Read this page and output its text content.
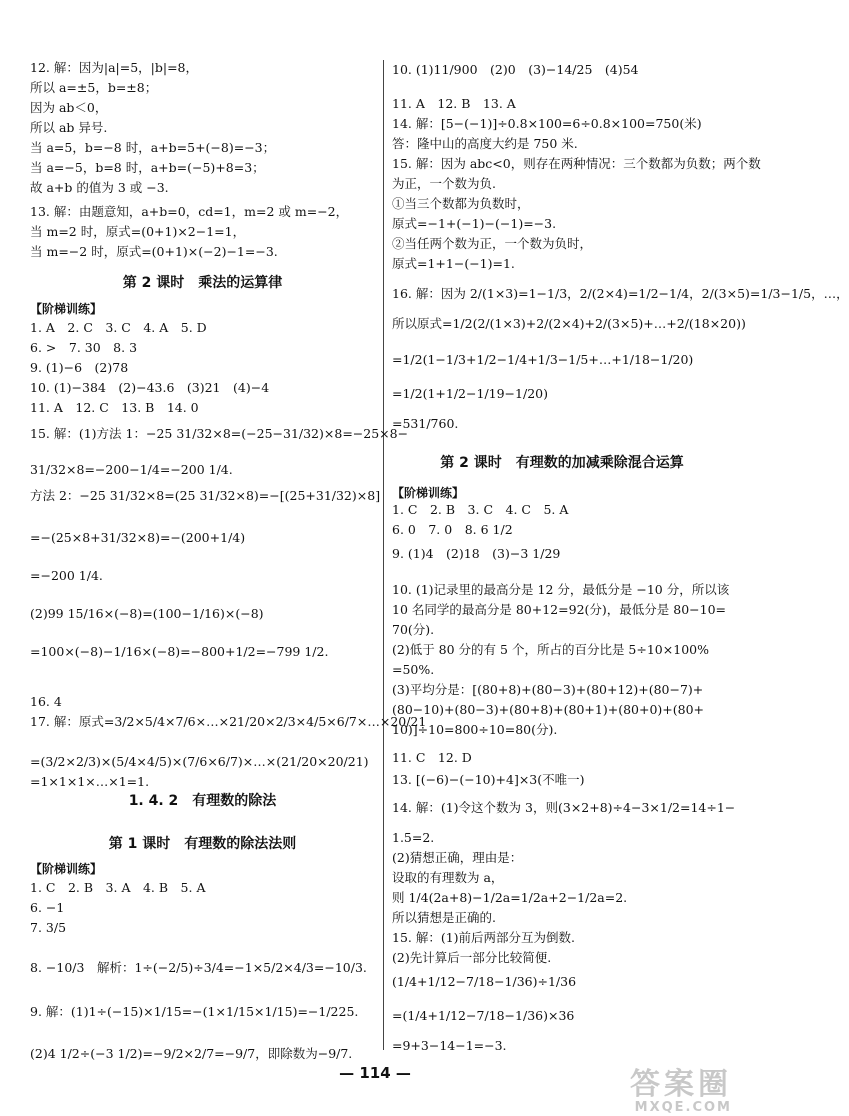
12. 解：因为|a|=5，|b|=8，
所以 a=±5，b=±8；
因为 ab＜0，
所以 ab 异号.
当 a=5，b=−8 时，a+b=5+(−8)=−3；
当 a=−5，b=8 时，a+b=(−5)+8=3；
故 a+b 的值为 3 或 −3.
13. 解：由题意知，a+b=0，cd=1，m=2 或 m=−2，
当 m=2 时，原式=(0+1)×2−1=1，
当 m=−2 时，原式=(0+1)×(−2)−1=−3.
第 2 课时　乘法的运算律
【阶梯训练】
1. A　2. C　3. C　4. A　5. D
6. >　7. 30　8. 3
9. (1)−6　(2)78
10. (1)−384　(2)−43.6　(3)21　(4)−4
11. A　12. C　13. B　14. 0
15. 解：(1)方法 1：−25 31/32×8=(−25−31/32)×8=−25×8−
31/32×8=−200−1/4=−200 1/4.
方法 2：−25 31/32×8=(25 31/32×8)=−[(25+31/32)×8]
=−(25×8+31/32×8)=−(200+1/4)
=−200 1/4.
(2)99 15/16×(−8)=(100−1/16)×(−8)
=100×(−8)−1/16×(−8)=−800+1/2=−799 1/2.
16. 4
17. 解：原式=3/2×5/4×7/6×…×21/20×2/3×4/5×6/7×…×20/21
=(3/2×2/3)×(5/4×4/5)×(7/6×6/7)×…×(21/20×20/21)
=1×1×1×…×1=1.
1. 4. 2　有理数的除法
第 1 课时　有理数的除法法则
【阶梯训练】
1. C　2. B　3. A　4. B　5. A
6. −1
7. 3/5
8. −10/3　解析：1÷(−2/5)÷3/4=−1×5/2×4/3=−10/3.
9. 解：(1)1÷(−15)×1/15=−(1×1/15×1/15)=−1/225.
(2)4 1/2÷(−3 1/2)=−9/2×2/7=−9/7，即除数为−9/7.
10. (1)11/900　(2)0　(3)−14/25　(4)54
11. A　12. B　13. A
14. 解：[5−(−1)]÷0.8×100=6÷0.8×100=750(米)
答：隆中山的高度大约是 750 米.
15. 解：因为 abc<0，则存在两种情况：三个数都为负数；两个数
为正，一个数为负.
①当三个数都为负数时，
原式=−1+(−1)−(−1)=−3.
②当任两个数为正，一个数为负时，
原式=1+1−(−1)=1.
16. 解：因为 2/(1×3)=1−1/3，2/(2×4)=1/2−1/4，2/(3×5)=1/3−1/5，…，
所以原式=1/2(2/(1×3)+2/(2×4)+2/(3×5)+…+2/(18×20))
=1/2(1−1/3+1/2−1/4+1/3−1/5+…+1/18−1/20)
=1/2(1+1/2−1/19−1/20)
=531/760.
第 2 课时　有理数的加减乘除混合运算
【阶梯训练】
1. C　2. B　3. C　4. C　5. A
6. 0　7. 0　8. 6 1/2
9. (1)4　(2)18　(3)−3 1/29
10. (1)记录里的最高分是 12 分，最低分是 −10 分，所以该
10 名同学的最高分是 80+12=92(分)，最低分是 80−10=
70(分).
(2)低于 80 分的有 5 个，所占的百分比是 5÷10×100%
=50%.
(3)平均分是：[(80+8)+(80−3)+(80+12)+(80−7)+
(80−10)+(80−3)+(80+8)+(80+1)+(80+0)+(80+
10)]÷10=800÷10=80(分).
11. C　12. D
13. [(−6)−(−10)+4]×3(不唯一)
14. 解：(1)令这个数为 3，则(3×2+8)÷4−3×1/2=14÷1−
1.5=2.
(2)猜想正确，理由是：
设取的有理数为 a，
则 1/4(2a+8)−1/2a=1/2a+2−1/2a=2.
所以猜想是正确的.
15. 解：(1)前后两部分互为倒数.
(2)先计算后一部分比较简便.
(1/4+1/12−7/18−1/36)÷1/36
=(1/4+1/12−7/18−1/36)×36
=9+3−14−1=−3.
— 114 —	答案圈
MXQE.COM
